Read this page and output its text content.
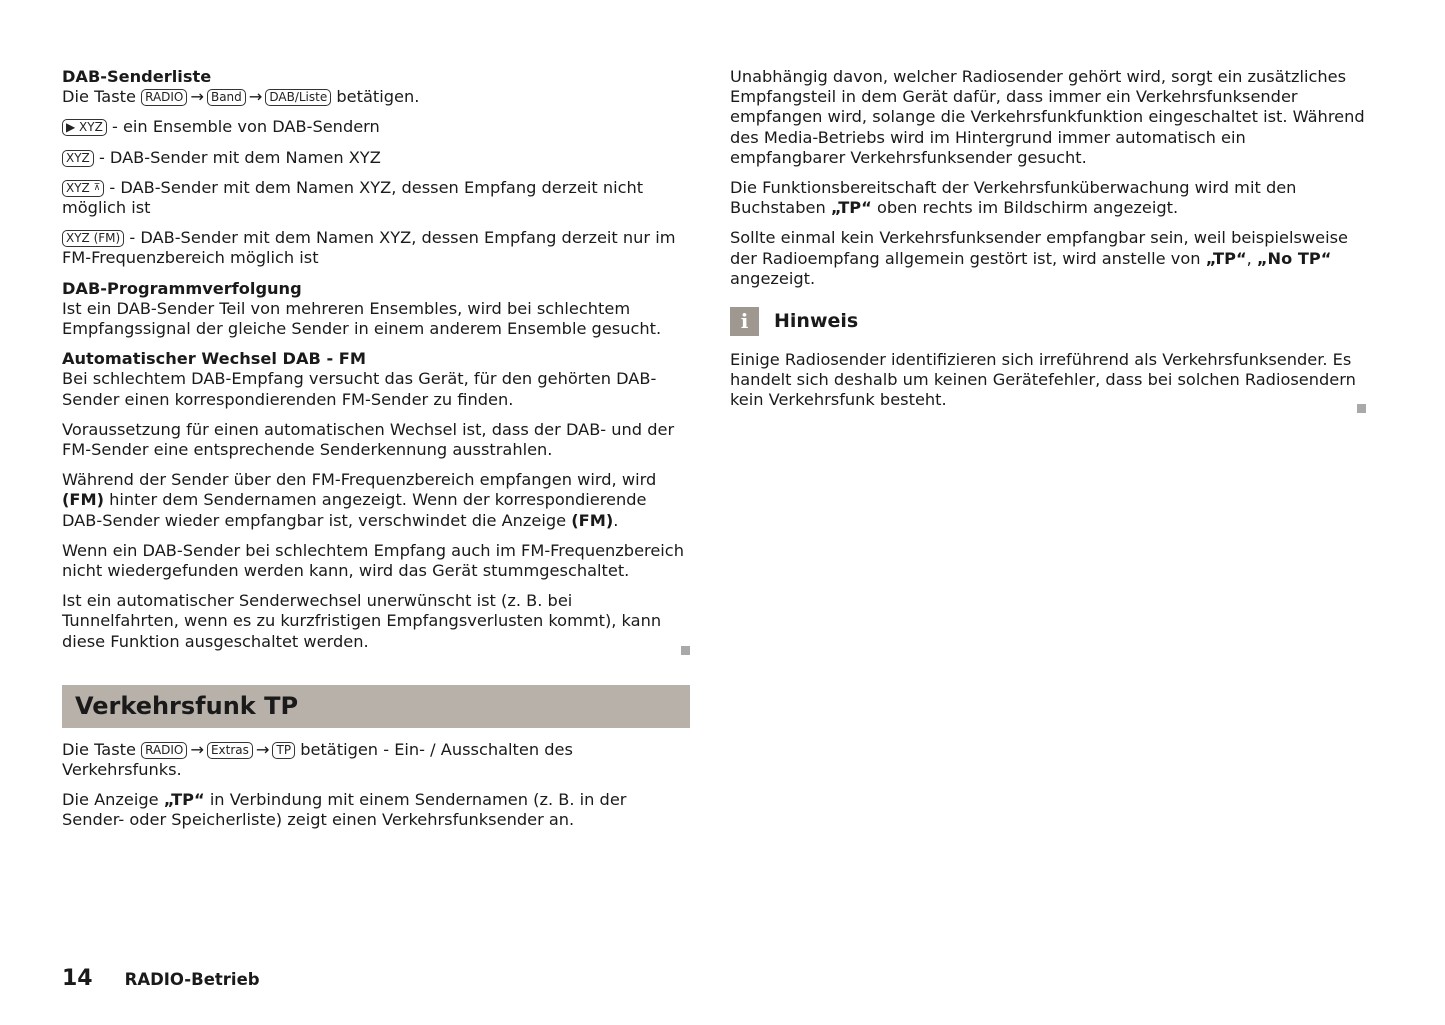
DAB-Senderliste
Die Taste RADIO → Band → DAB/Liste betätigen.

▶ XYZ - ein Ensemble von DAB-Sendern

XYZ - DAB-Sender mit dem Namen XYZ

XYZ ⊼ - DAB-Sender mit dem Namen XYZ, dessen Empfang derzeit nicht möglich ist

XYZ (FM) - DAB-Sender mit dem Namen XYZ, dessen Empfang derzeit nur im FM-Frequenzbereich möglich ist

DAB-Programmverfolgung
Ist ein DAB-Sender Teil von mehreren Ensembles, wird bei schlechtem Empfangssignal der gleiche Sender in einem anderem Ensemble gesucht.

Automatischer Wechsel DAB - FM
Bei schlechtem DAB-Empfang versucht das Gerät, für den gehörten DAB-Sender einen korrespondierenden FM-Sender zu finden.

Voraussetzung für einen automatischen Wechsel ist, dass der DAB- und der FM-Sender eine entsprechende Senderkennung ausstrahlen.

Während der Sender über den FM-Frequenzbereich empfangen wird, wird (FM) hinter dem Sendernamen angezeigt. Wenn der korrespondierende DAB-Sender wieder empfangbar ist, verschwindet die Anzeige (FM).

Wenn ein DAB-Sender bei schlechtem Empfang auch im FM-Frequenzbereich nicht wiedergefunden werden kann, wird das Gerät stummgeschaltet.

Ist ein automatischer Senderwechsel unerwünscht ist (z. B. bei Tunnelfahrten, wenn es zu kurzfristigen Empfangsverlusten kommt), kann diese Funktion ausgeschaltet werden.

Verkehrsfunk TP

Die Taste RADIO → Extras → TP betätigen - Ein- / Ausschalten des Verkehrsfunks.

Die Anzeige „TP“ in Verbindung mit einem Sendernamen (z. B. in der Sender- oder Speicherliste) zeigt einen Verkehrsfunksender an.

Unabhängig davon, welcher Radiosender gehört wird, sorgt ein zusätzliches Empfangsteil in dem Gerät dafür, dass immer ein Verkehrsfunksender empfangen wird, solange die Verkehrsfunkfunktion eingeschaltet ist. Während des Media-Betriebs wird im Hintergrund immer automatisch ein empfangbarer Verkehrsfunksender gesucht.

Die Funktionsbereitschaft der Verkehrsfunküberwachung wird mit den Buchstaben „TP“ oben rechts im Bildschirm angezeigt.

Sollte einmal kein Verkehrsfunksender empfangbar sein, weil beispielsweise der Radioempfang allgemein gestört ist, wird anstelle von „TP“, „No TP“ angezeigt.

i	Hinweis

Einige Radiosender identifizieren sich irreführend als Verkehrsfunksender. Es handelt sich deshalb um keinen Gerätefehler, dass bei solchen Radiosendern kein Verkehrsfunk besteht.

14 RADIO-Betrieb
